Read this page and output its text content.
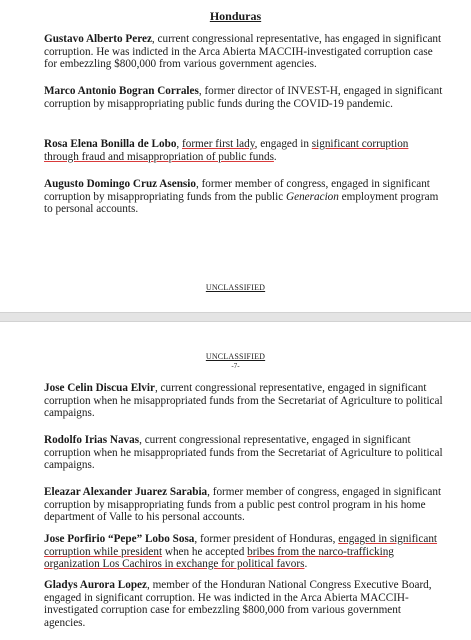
Honduras
Gustavo Alberto Perez, current congressional representative, has engaged in significant corruption. He was indicted in the Arca Abierta MACCIH-investigated corruption case for embezzling $800,000 from various government agencies.
Marco Antonio Bogran Corrales, former director of INVEST-H, engaged in significant corruption by misappropriating public funds during the COVID-19 pandemic.
Rosa Elena Bonilla de Lobo, former first lady, engaged in significant corruption through fraud and misappropriation of public funds.
Augusto Domingo Cruz Asensio, former member of congress, engaged in significant corruption by misappropriating funds from the public Generacion employment program to personal accounts.
UNCLASSIFIED
UNCLASSIFIED
-7-
Jose Celin Discua Elvir, current congressional representative, engaged in significant corruption when he misappropriated funds from the Secretariat of Agriculture to political campaigns.
Rodolfo Irias Navas, current congressional representative, engaged in significant corruption when he misappropriated funds from the Secretariat of Agriculture to political campaigns.
Eleazar Alexander Juarez Sarabia, former member of congress, engaged in significant corruption by misappropriating funds from a public pest control program in his home department of Valle to his personal accounts.
Jose Porfirio “Pepe” Lobo Sosa, former president of Honduras, engaged in significant corruption while president when he accepted bribes from the narco-trafficking organization Los Cachiros in exchange for political favors.
Gladys Aurora Lopez, member of the Honduran National Congress Executive Board, engaged in significant corruption. He was indicted in the Arca Abierta MACCIH-investigated corruption case for embezzling $800,000 from various government agencies.
